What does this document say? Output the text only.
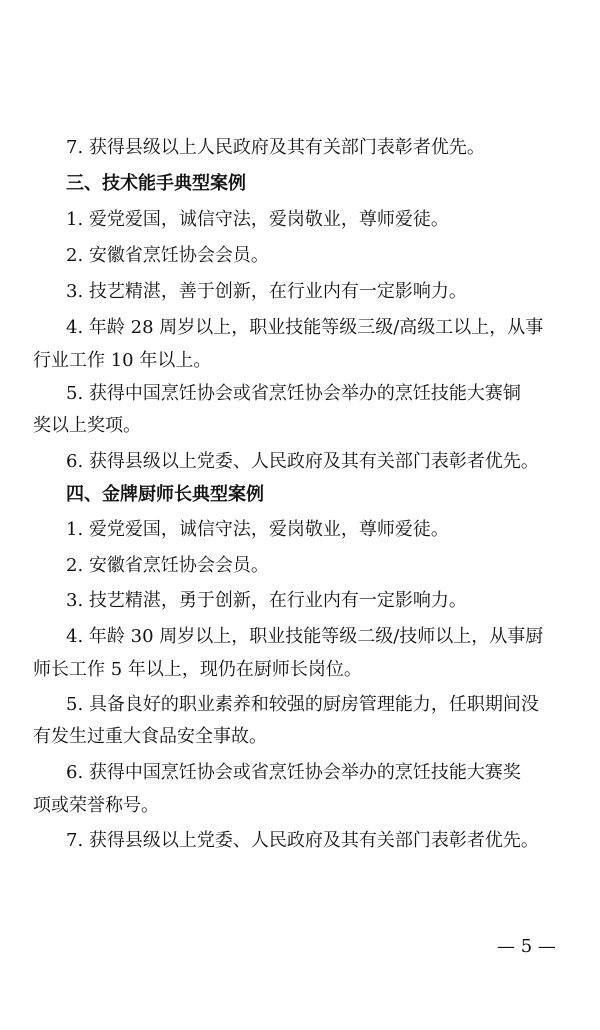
7. 获得县级以上人民政府及其有关部门表彰者优先。
三、技术能手典型案例
1. 爱党爱国，诚信守法，爱岗敬业，尊师爱徒。
2. 安徽省烹饪协会会员。
3. 技艺精湛，善于创新，在行业内有一定影响力。
4. 年龄 28 周岁以上，职业技能等级三级/高级工以上，从事
行业工作 10 年以上。
5. 获得中国烹饪协会或省烹饪协会举办的烹饪技能大赛铜
奖以上奖项。
6. 获得县级以上党委、人民政府及其有关部门表彰者优先。
四、金牌厨师长典型案例
1. 爱党爱国，诚信守法，爱岗敬业，尊师爱徒。
2. 安徽省烹饪协会会员。
3. 技艺精湛，勇于创新，在行业内有一定影响力。
4. 年龄 30 周岁以上，职业技能等级二级/技师以上，从事厨
师长工作 5 年以上，现仍在厨师长岗位。
5. 具备良好的职业素养和较强的厨房管理能力，任职期间没
有发生过重大食品安全事故。
6. 获得中国烹饪协会或省烹饪协会举办的烹饪技能大赛奖
项或荣誉称号。
7. 获得县级以上党委、人民政府及其有关部门表彰者优先。
— 5 —
